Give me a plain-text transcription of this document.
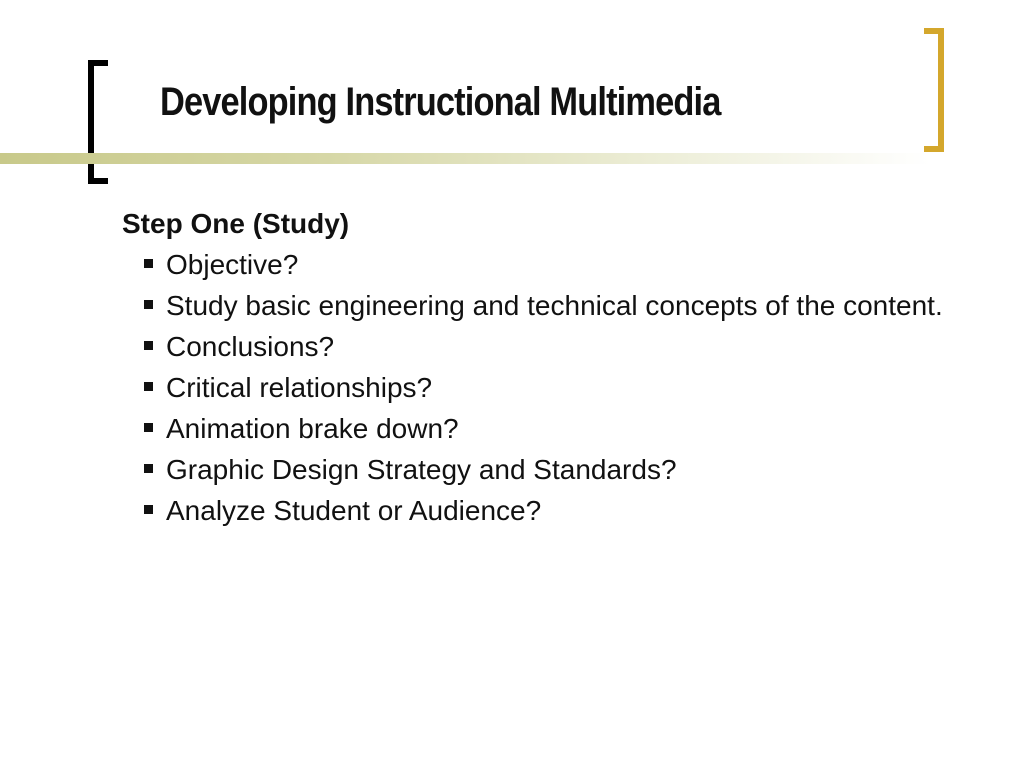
Developing Instructional Multimedia

Step One (Study)

Objective?
Study basic engineering and technical concepts of the content.
Conclusions?
Critical relationships?
Animation brake down?
Graphic Design Strategy and Standards?
Analyze Student or Audience?
